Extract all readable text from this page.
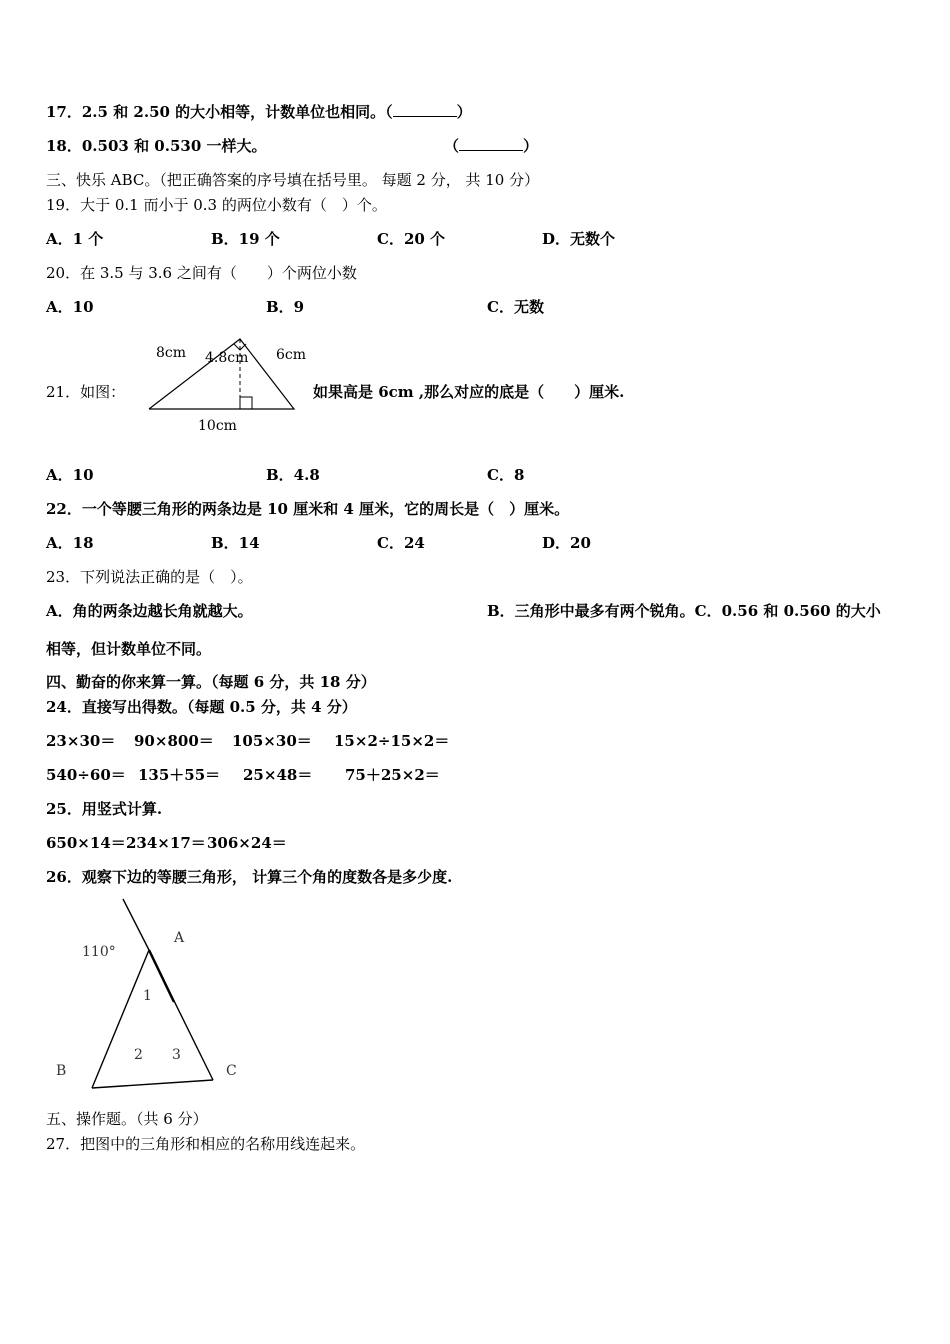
17．2.5 和 2.50 的大小相等，计数单位也相同。（	）
18．0.503 和 0.530 一样大。	（	）
三、快乐 ABC。（把正确答案的序号填在括号里。 每题 2 分， 共 10 分）
19．大于 0.1 而小于 0.3 的两位小数有（　）个。
A．1 个	B．19 个	C．20 个	D．无数个
20．在 3.5 与 3.6 之间有（　　）个两位小数
A．10	B．9	C．无数
21．如图：
8cm 4.8cm 6cm
10cm
如果高是 6cm ,那么对应的底是（　　）厘米.
A．10	B．4.8	C．8
22．一个等腰三角形的两条边是 10 厘米和 4 厘米，它的周长是（　）厘米。
A．18	B．14	C．24	D．20
23．下列说法正确的是（　）。
A．角的两条边越长角就越大。	B．三角形中最多有两个锐角。C．0.56 和 0.560 的大小
相等，但计数单位不同。
四、勤奋的你来算一算。（每题 6 分，共 18 分）
24．直接写出得数。（每题 0.5 分，共 4 分）
23×30＝ 90×800＝ 105×30＝ 15×2÷15×2＝
540÷60＝ 135＋55＝ 25×48＝ 75＋25×2＝
25．用竖式计算.
650×14＝ 234×17＝ 306×24＝
26．观察下边的等腰三角形， 计算三个角的度数各是多少度.
110°
A
B	C
1
2 3
五、操作题。（共 6 分）
27．把图中的三角形和相应的名称用线连起来。
